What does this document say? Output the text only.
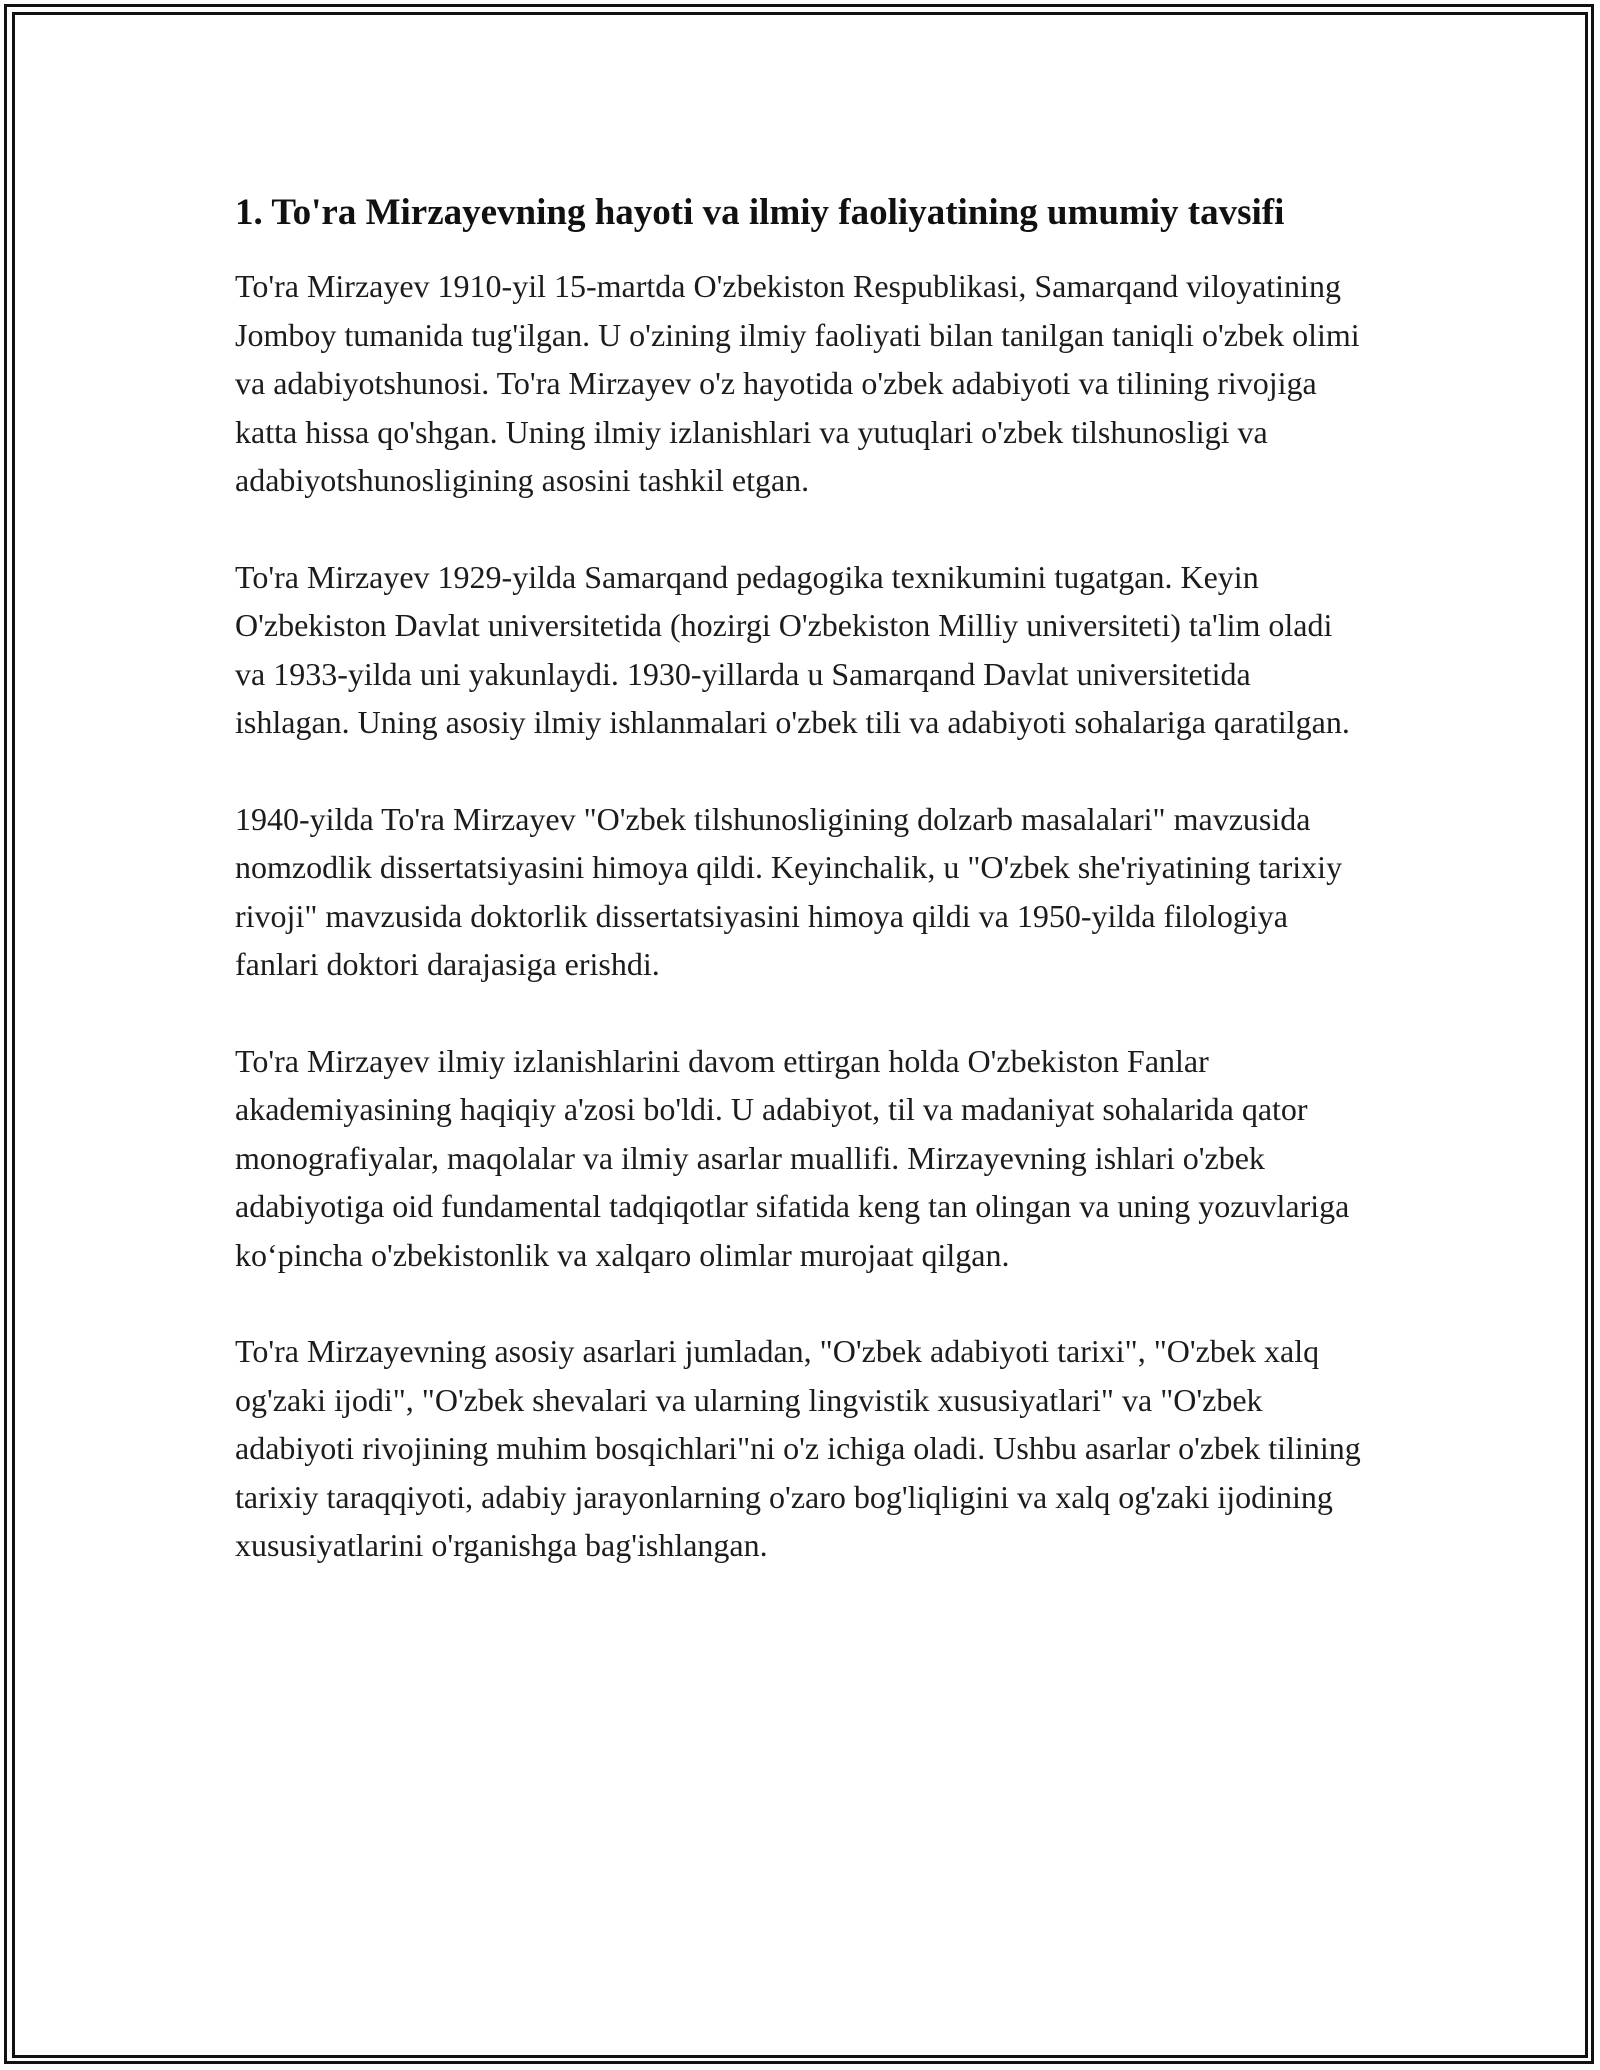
1. To'ra Mirzayevning hayoti va ilmiy faoliyatining umumiy tavsifi

To'ra Mirzayev 1910-yil 15-martda O'zbekiston Respublikasi, Samarqand viloyatining Jomboy tumanida tug'ilgan. U o'zining ilmiy faoliyati bilan tanilgan taniqli o'zbek olimi va adabiyotshunosi. To'ra Mirzayev o'z hayotida o'zbek adabiyoti va tilining rivojiga katta hissa qo'shgan. Uning ilmiy izlanishlari va yutuqlari o'zbek tilshunosligi va adabiyotshunosligining asosini tashkil etgan.

To'ra Mirzayev 1929-yilda Samarqand pedagogika texnikumini tugatgan. Keyin O'zbekiston Davlat universitetida (hozirgi O'zbekiston Milliy universiteti) ta'lim oladi va 1933-yilda uni yakunlaydi. 1930-yillarda u Samarqand Davlat universitetida ishlagan. Uning asosiy ilmiy ishlanmalari o'zbek tili va adabiyoti sohalariga qaratilgan.

1940-yilda To'ra Mirzayev "O'zbek tilshunosligining dolzarb masalalari" mavzusida nomzodlik dissertatsiyasini himoya qildi. Keyinchalik, u "O'zbek she'riyatining tarixiy rivoji" mavzusida doktorlik dissertatsiyasini himoya qildi va 1950-yilda filologiya fanlari doktori darajasiga erishdi.

To'ra Mirzayev ilmiy izlanishlarini davom ettirgan holda O'zbekiston Fanlar akademiyasining haqiqiy a'zosi bo'ldi. U adabiyot, til va madaniyat sohalarida qator monografiyalar, maqolalar va ilmiy asarlar muallifi. Mirzayevning ishlari o'zbek adabiyotiga oid fundamental tadqiqotlar sifatida keng tan olingan va uning yozuvlariga ko‘pincha o'zbekistonlik va xalqaro olimlar murojaat qilgan.

To'ra Mirzayevning asosiy asarlari jumladan, "O'zbek adabiyoti tarixi", "O'zbek xalq og'zaki ijodi", "O'zbek shevalari va ularning lingvistik xususiyatlari" va "O'zbek adabiyoti rivojining muhim bosqichlari"ni o'z ichiga oladi. Ushbu asarlar o'zbek tilining tarixiy taraqqiyoti, adabiy jarayonlarning o'zaro bog'liqligini va xalq og'zaki ijodining xususiyatlarini o'rganishga bag'ishlangan.
